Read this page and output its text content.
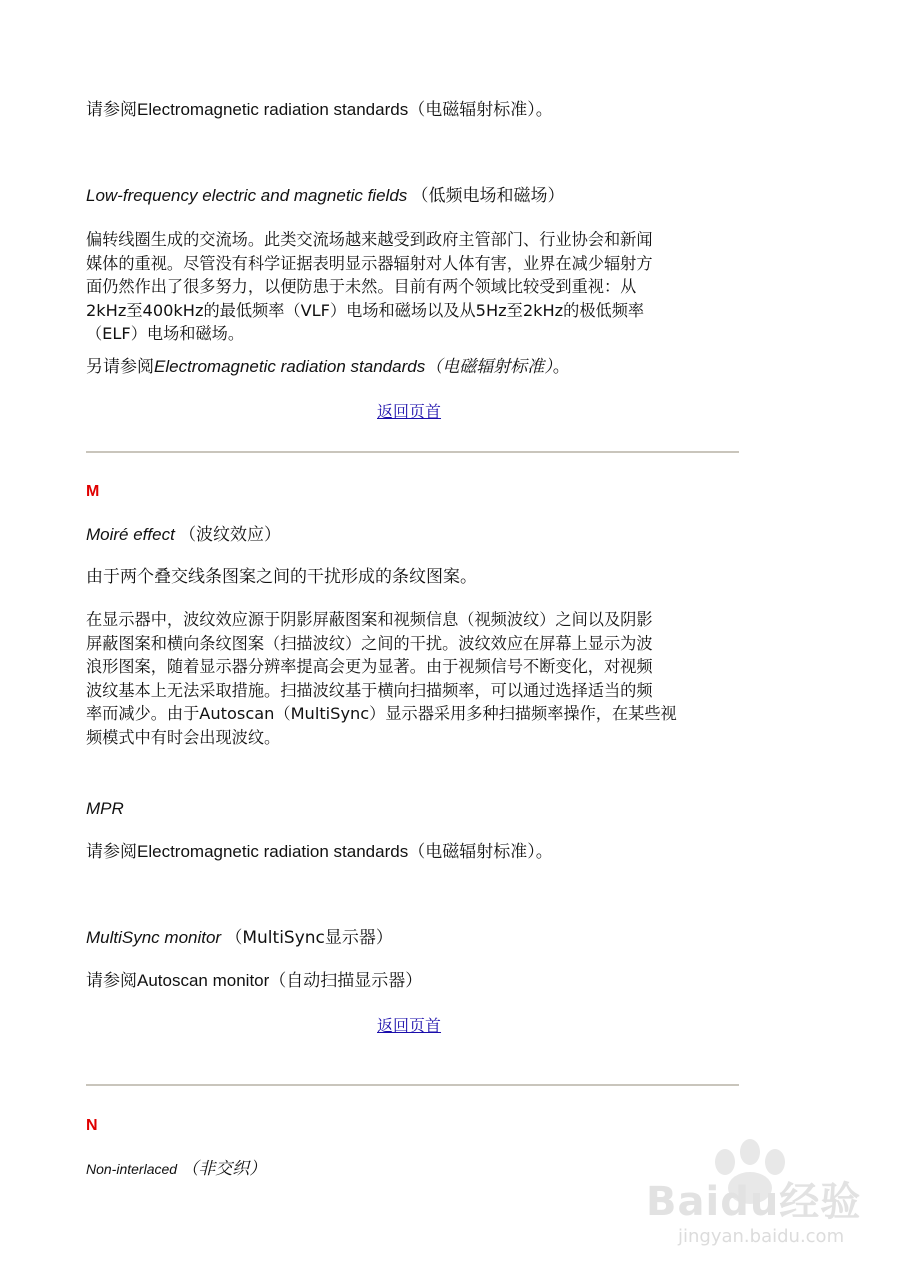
请参阅Electromagnetic radiation standards（电磁辐射标准）。
Low-frequency electric and magnetic fields （低频电场和磁场）
偏转线圈生成的交流场。此类交流场越来越受到政府主管部门、行业协会和新闻
媒体的重视。尽管没有科学证据表明显示器辐射对人体有害，业界在减少辐射方
面仍然作出了很多努力，以便防患于未然。目前有两个领域比较受到重视：从
2kHz至400kHz的最低频率（VLF）电场和磁场以及从5Hz至2kHz的极低频率
（ELF）电场和磁场。
另请参阅Electromagnetic radiation standards（电磁辐射标准）。
返回页首
M
Moiré effect （波纹效应）
由于两个叠交线条图案之间的干扰形成的条纹图案。
在显示器中，波纹效应源于阴影屏蔽图案和视频信息（视频波纹）之间以及阴影
屏蔽图案和横向条纹图案（扫描波纹）之间的干扰。波纹效应在屏幕上显示为波
浪形图案，随着显示器分辨率提高会更为显著。由于视频信号不断变化，对视频
波纹基本上无法采取措施。扫描波纹基于横向扫描频率，可以通过选择适当的频
率而减少。由于Autoscan（MultiSync）显示器采用多种扫描频率操作，在某些视
频模式中有时会出现波纹。
MPR
请参阅Electromagnetic radiation standards（电磁辐射标准）。
MultiSync monitor （MultiSync显示器）
请参阅Autoscan monitor（自动扫描显示器）
返回页首
N
Non-interlaced （非交织）
Baidu经验
jingyan.baidu.com
